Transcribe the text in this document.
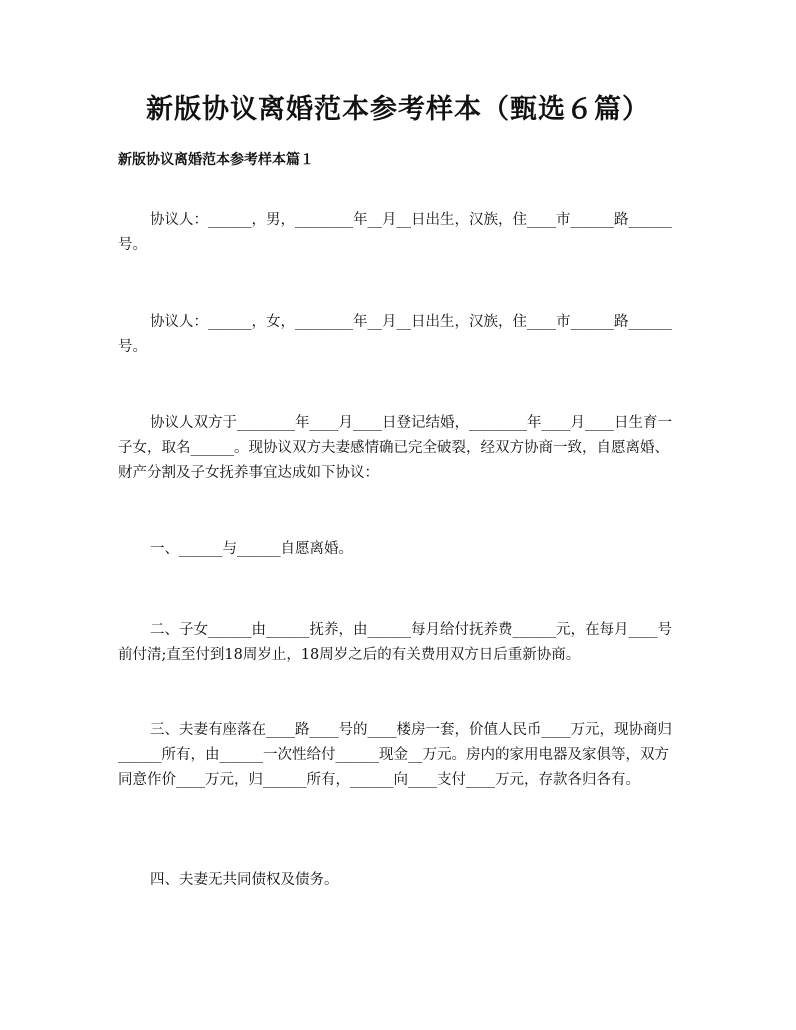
新版协议离婚范本参考样本（甄选６篇）

新版协议离婚范本参考样本篇１

协议人：______，男，________年__月__日出生，汉族，住____市______路______号。

协议人：______，女，________年__月__日出生，汉族，住____市______路______号。

协议人双方于________年____月____日登记结婚，________年____月____日生育一子女，取名______。现协议双方夫妻感情确已完全破裂，经双方协商一致，自愿离婚、财产分割及子女抚养事宜达成如下协议：

一、______与______自愿离婚。

二、子女______由______抚养，由______每月给付抚养费______元，在每月____号前付清;直至付到18周岁止，18周岁之后的有关费用双方日后重新协商。

三、夫妻有座落在____路____号的____楼房一套，价值人民币____万元，现协商归______所有，由______一次性给付______现金__万元。房内的家用电器及家俱等，双方同意作价____万元，归______所有，______向____支付____万元，存款各归各有。

四、夫妻无共同债权及债务。
